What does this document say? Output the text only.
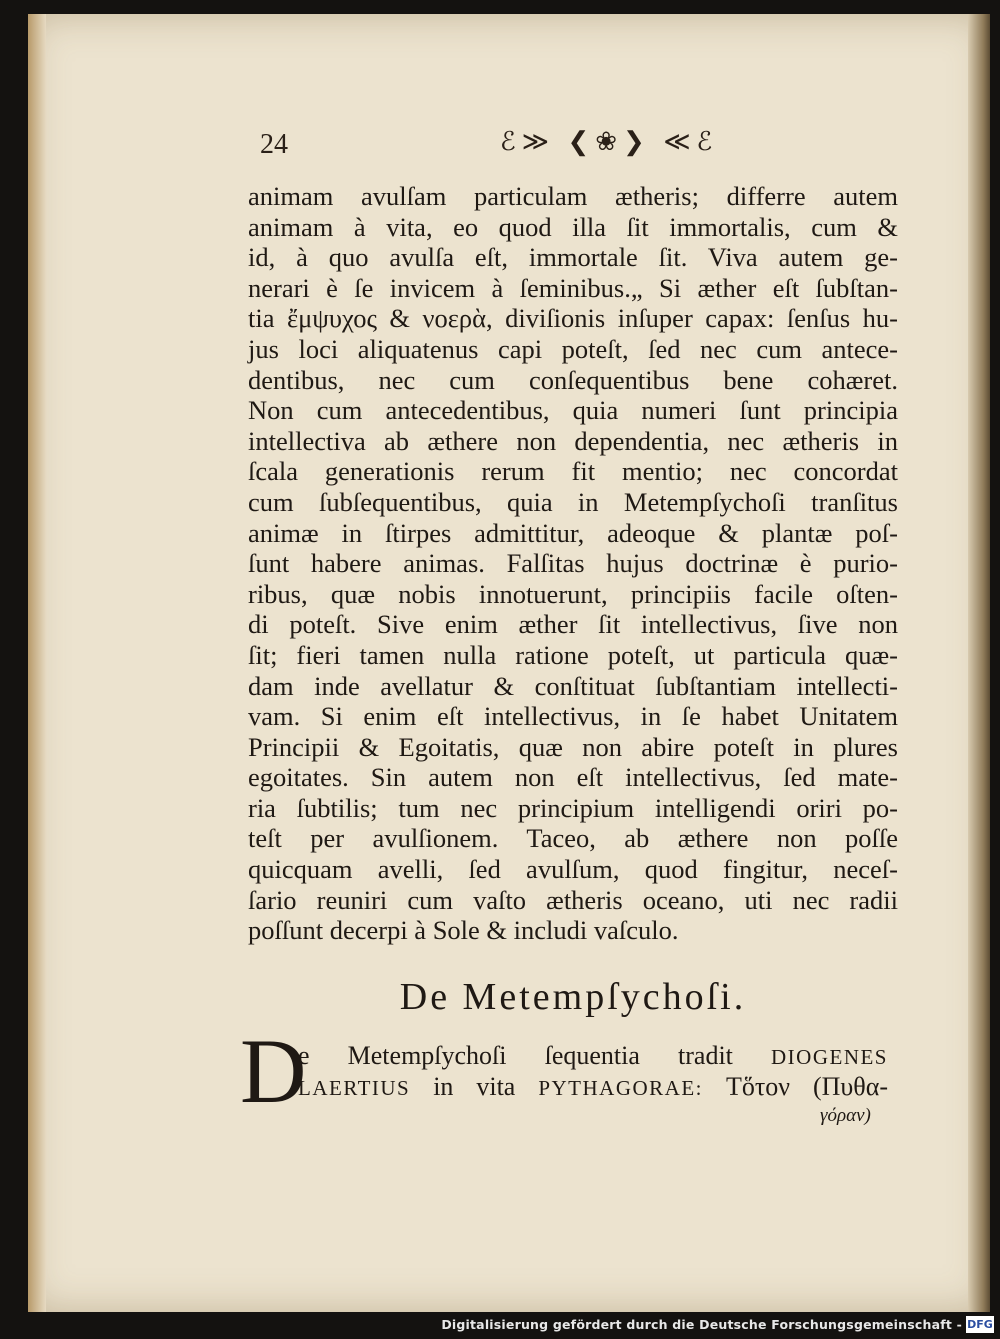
24	ℰ≫ ❮❀❯ ≪ℰ
animam avulſam particulam ætheris; differre autem
animam à vita, eo quod illa ſit immortalis, cum &
id, à quo avulſa eſt, immortale ſit. Viva autem ge-
nerari è ſe invicem à ſeminibus.„ Si æther eſt ſubſtan-
tia ἔμψυχος & νοερὰ, diviſionis inſuper capax: ſenſus hu-
jus loci aliquatenus capi poteſt, ſed nec cum antece-
dentibus, nec cum conſequentibus bene cohæret.
Non cum antecedentibus, quia numeri ſunt principia
intellectiva ab æthere non dependentia, nec ætheris in
ſcala generationis rerum fit mentio; nec concordat
cum ſubſequentibus, quia in Metempſychoſi tranſitus
animæ in ſtirpes admittitur, adeoque & plantæ poſ-
ſunt habere animas. Falſitas hujus doctrinæ è purio-
ribus, quæ nobis innotuerunt, principiis facile oſten-
di poteſt. Sive enim æther ſit intellectivus, ſive non
ſit; fieri tamen nulla ratione poteſt, ut particula quæ-
dam inde avellatur & conſtituat ſubſtantiam intellecti-
vam. Si enim eſt intellectivus, in ſe habet Unitatem
Principii & Egoitatis, quæ non abire poteſt in plures
egoitates. Sin autem non eſt intellectivus, ſed mate-
ria ſubtilis; tum nec principium intelligendi oriri po-
teſt per avulſionem. Taceo, ab æthere non poſſe
quicquam avelli, ſed avulſum, quod fingitur, neceſ-
ſario reuniri cum vaſto ætheris oceano, uti nec radii
poſſunt decerpi à Sole & includi vaſculo.
De Metempſychoſi.
D
e Metempſychoſi ſequentia tradit DIOGENES
LAERTIUS in vita PYTHAGORAE: Τὅτον (Πυθα-
γόραν)
Digitalisierung gefördert durch die Deutsche Forschungsgemeinschaft - DFG
